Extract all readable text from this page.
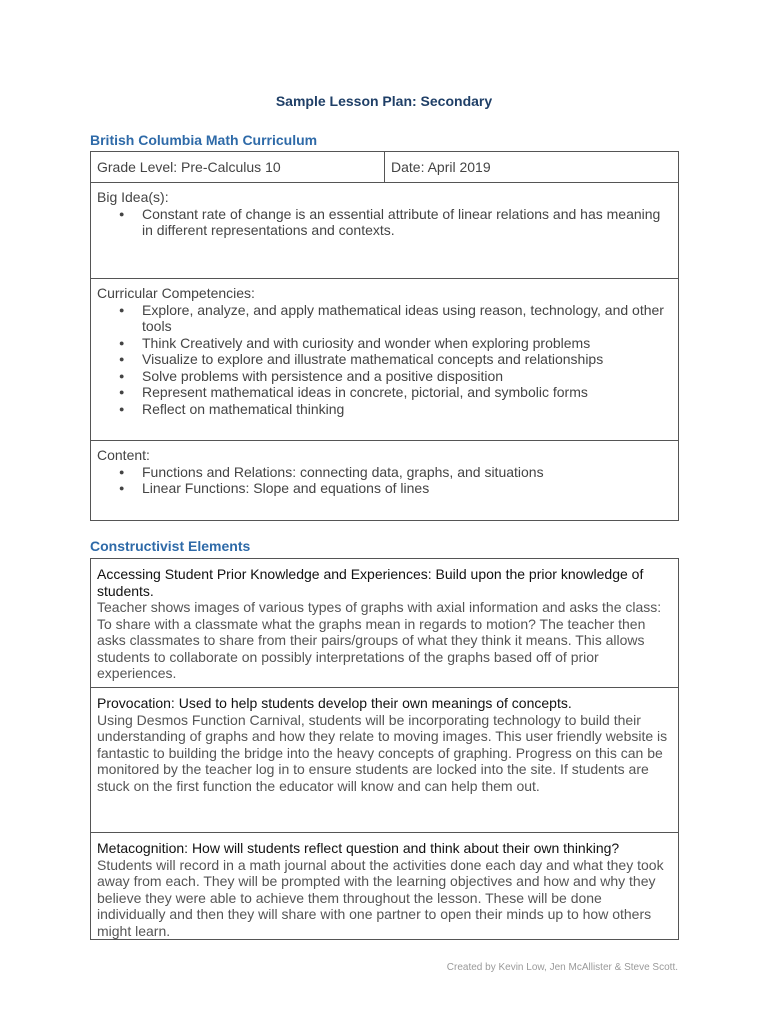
Sample Lesson Plan: Secondary
British Columbia Math Curriculum
Grade Level: Pre-Calculus 10	Date: April 2019

Big Idea(s):
● Constant rate of change is an essential attribute of linear relations and has meaning in different representations and contexts.

Curricular Competencies:
● Explore, analyze, and apply mathematical ideas using reason, technology, and other tools
● Think Creatively and with curiosity and wonder when exploring problems
● Visualize to explore and illustrate mathematical concepts and relationships
● Solve problems with persistence and a positive disposition
● Represent mathematical ideas in concrete, pictorial, and symbolic forms
● Reflect on mathematical thinking

Content:
● Functions and Relations: connecting data, graphs, and situations
● Linear Functions: Slope and equations of lines
Constructivist Elements
Accessing Student Prior Knowledge and Experiences: Build upon the prior knowledge of students.
Teacher shows images of various types of graphs with axial information and asks the class: To share with a classmate what the graphs mean in regards to motion? The teacher then asks classmates to share from their pairs/groups of what they think it means. This allows students to collaborate on possibly interpretations of the graphs based off of prior experiences.

Provocation: Used to help students develop their own meanings of concepts.
Using Desmos Function Carnival, students will be incorporating technology to build their understanding of graphs and how they relate to moving images. This user friendly website is fantastic to building the bridge into the heavy concepts of graphing. Progress on this can be monitored by the teacher log in to ensure students are locked into the site. If students are stuck on the first function the educator will know and can help them out.

Metacognition: How will students reflect question and think about their own thinking?
Students will record in a math journal about the activities done each day and what they took away from each. They will be prompted with the learning objectives and how and why they believe they were able to achieve them throughout the lesson. These will be done individually and then they will share with one partner to open their minds up to how others might learn.

Created by Kevin Low, Jen McAllister & Steve Scott.
